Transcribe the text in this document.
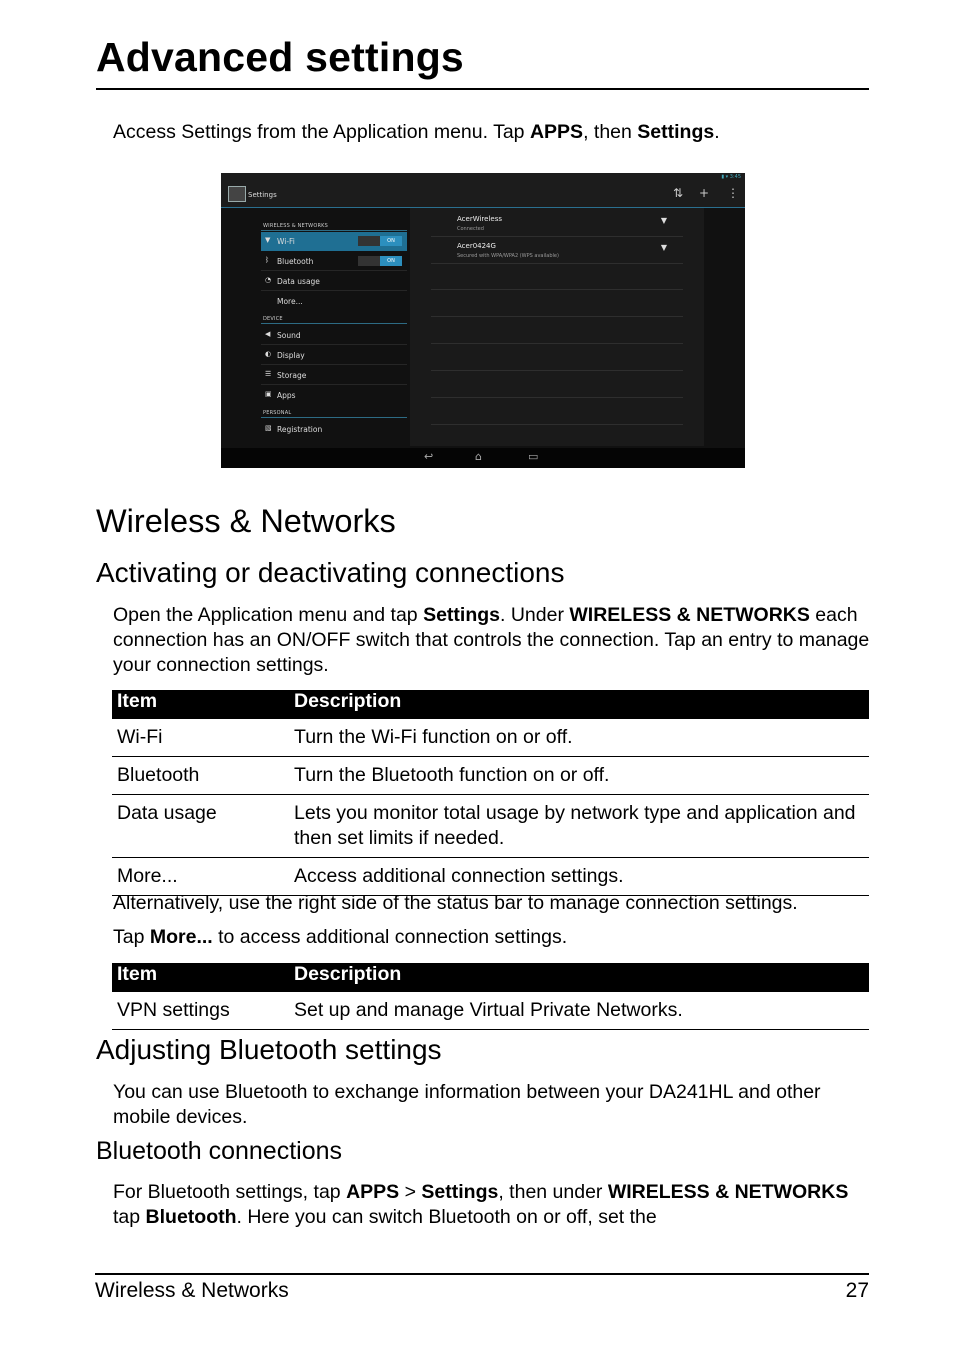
Advanced settings
Access Settings from the Application menu. Tap APPS, then Settings.
Settings
▮ ▾ 3:45
⇅ + ⋮
WIRELESS & NETWORKS
▼ Wi-Fi	ON
ᛒ Bluetooth	ON
◔ Data usage
More...
DEVICE
◀ Sound
◐ Display
☰ Storage
▣ Apps
PERSONAL
▧ Registration
AcerWireless
Connected
▼
Acer0424G
Secured with WPA/WPA2 (WPS available)
▼
↩	⌂	▭
Wireless & Networks
Activating or deactivating connections
Open the Application menu and tap Settings. Under WIRELESS & NETWORKS each connection has an ON/OFF switch that controls the connection. Tap an entry to manage your connection settings.
Item	Description
Wi-Fi	Turn the Wi-Fi function on or off.
Bluetooth	Turn the Bluetooth function on or off.
Data usage	Lets you monitor total usage by network type and application and then set limits if needed.
More...	Access additional connection settings.
Alternatively, use the right side of the status bar to manage connection settings.
Tap More... to access additional connection settings.
Item	Description
VPN settings	Set up and manage Virtual Private Networks.
Adjusting Bluetooth settings
You can use Bluetooth to exchange information between your DA241HL and other mobile devices.
Bluetooth connections
For Bluetooth settings, tap APPS > Settings, then under WIRELESS & NETWORKS tap Bluetooth. Here you can switch Bluetooth on or off, set the
Wireless & Networks	27
